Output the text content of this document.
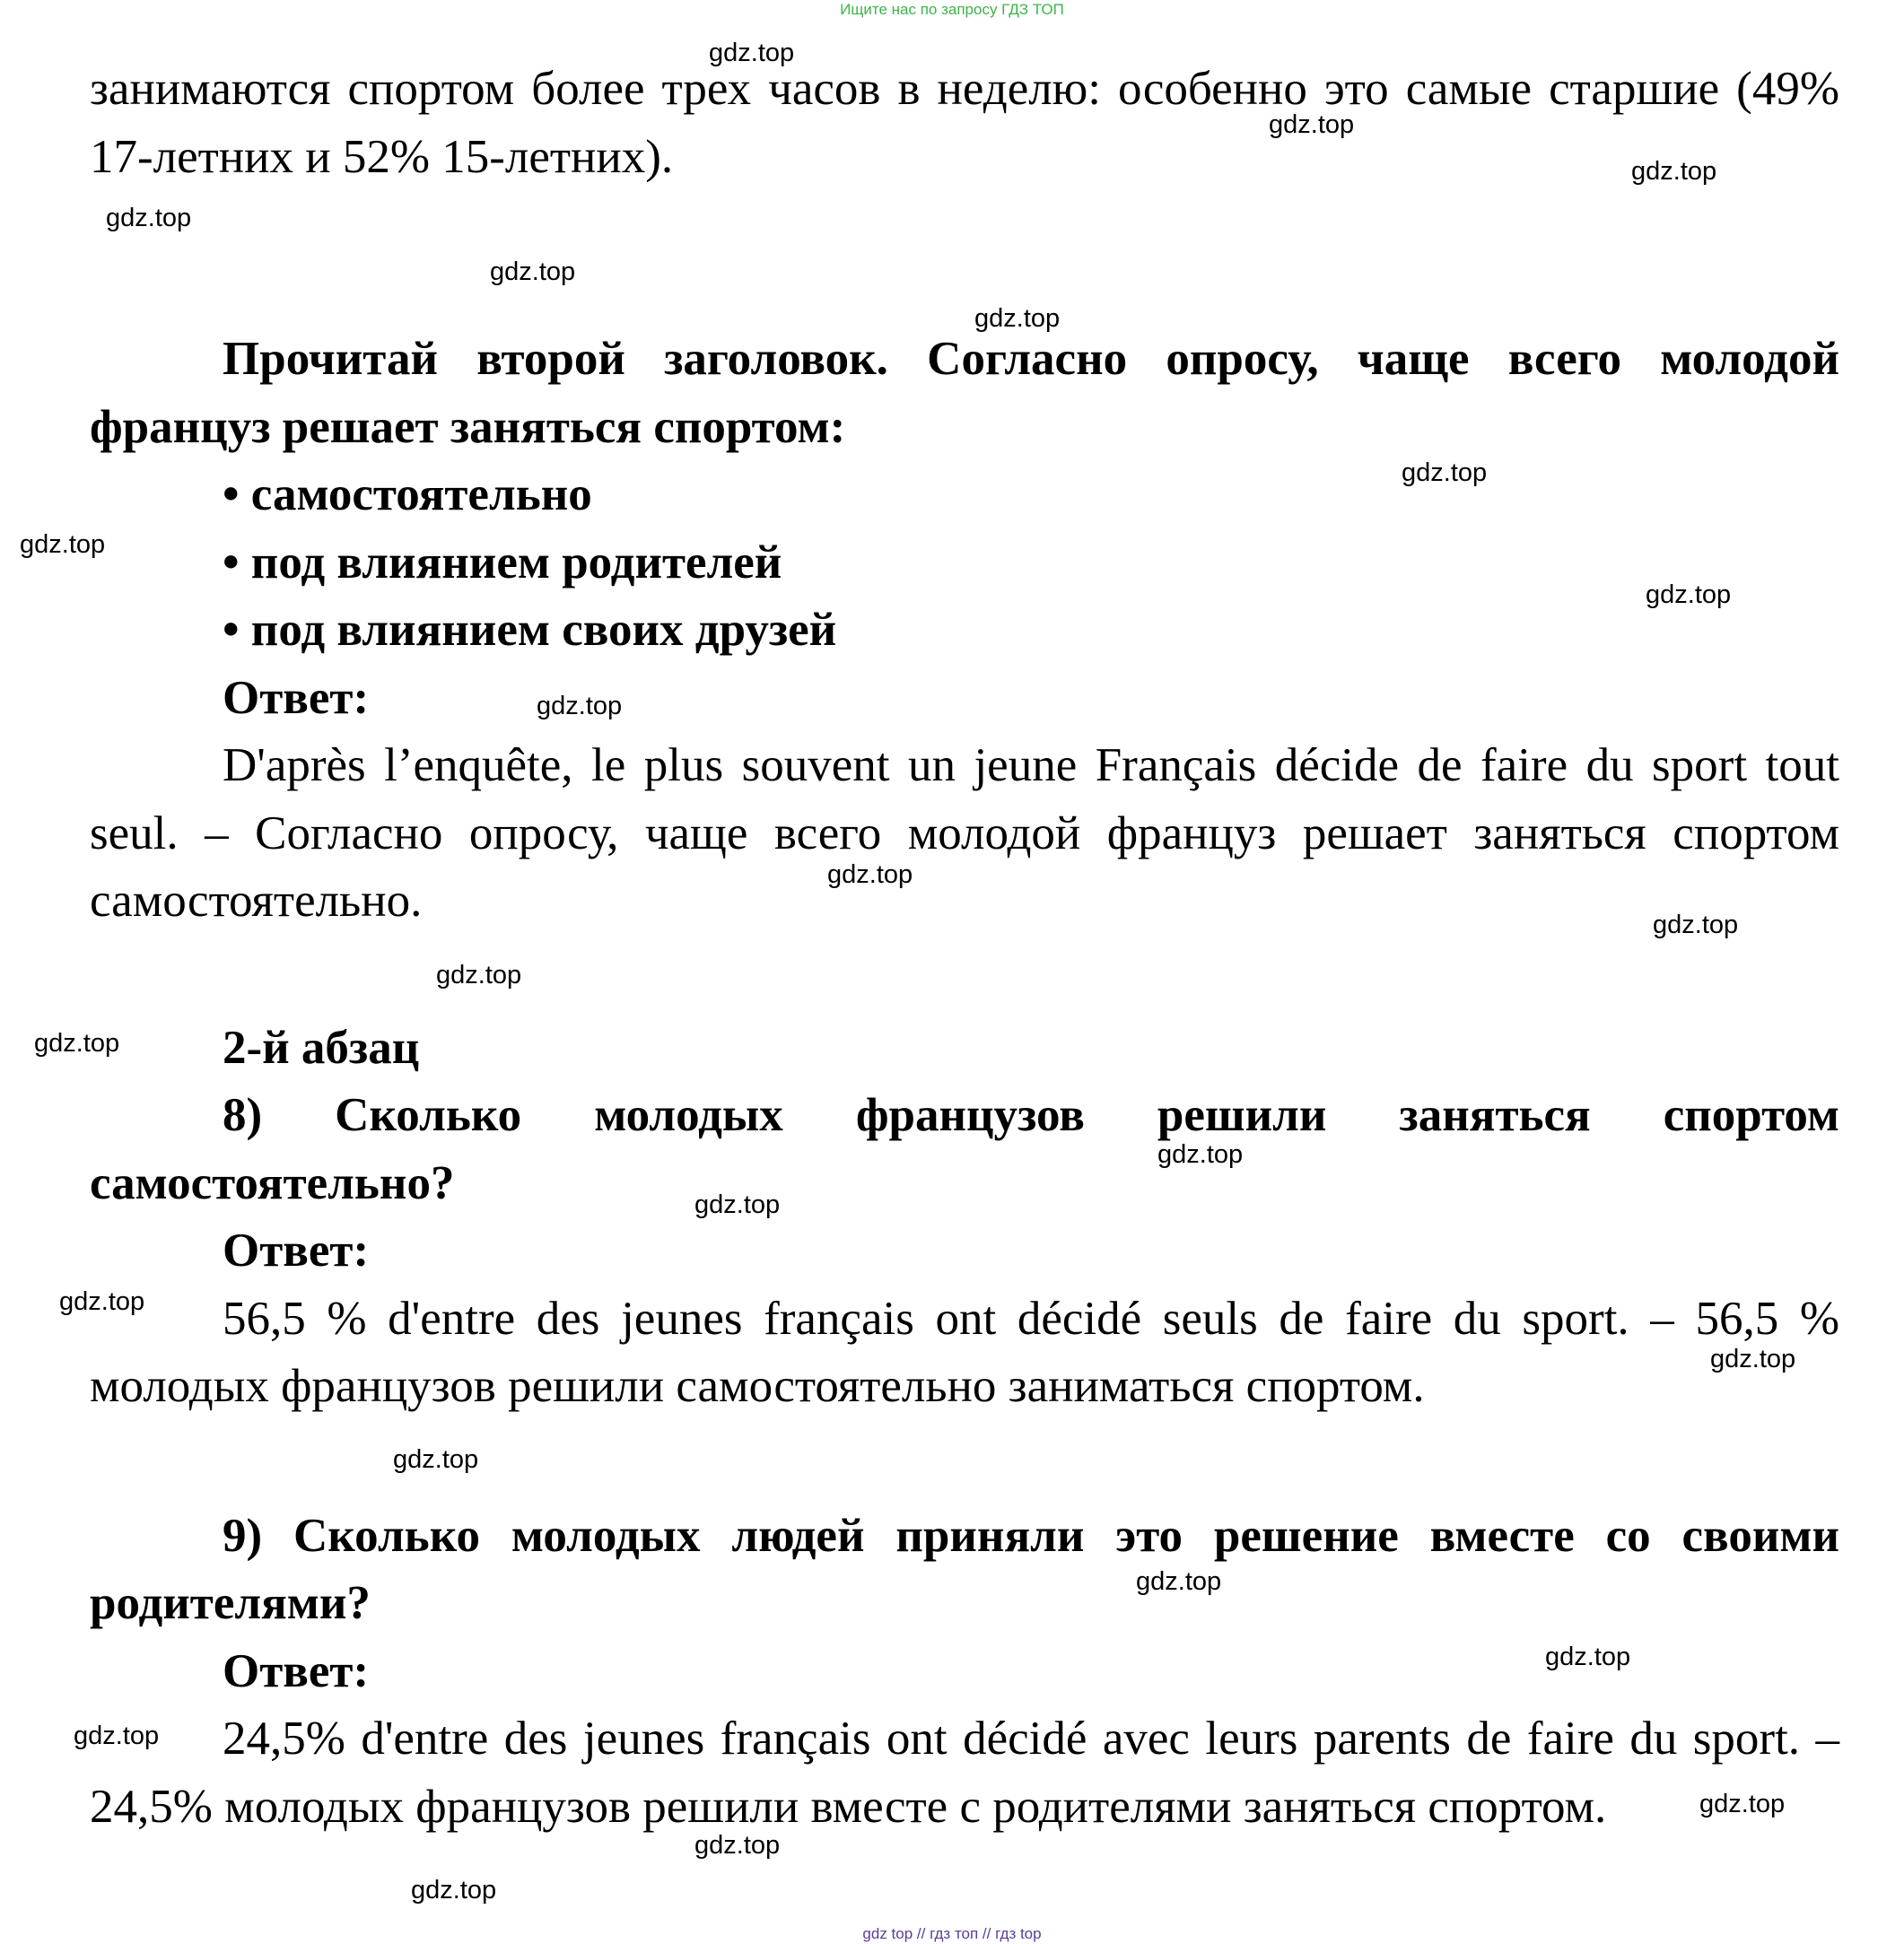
Ищите нас по запросу ГДЗ ТОП

занимаются спортом более трех часов в неделю: особенно это самые старшие (49% 17-летних и 52% 15-летних).

Прочитай второй заголовок. Согласно опросу, чаще всего молодой француз решает заняться спортом:

• самостоятельно
• под влиянием родителей
• под влиянием своих друзей

Ответ:

D'après l’enquête, le plus souvent un jeune Français décide de faire du sport tout seul. – Согласно опросу, чаще всего молодой француз решает заняться спортом самостоятельно.

2-й абзац

8) Сколько молодых французов решили заняться спортом самостоятельно?

Ответ:

56,5 % d'entre des jeunes français ont décidé seuls de faire du sport. – 56,5 % молодых французов решили самостоятельно заниматься спортом.

9) Сколько молодых людей приняли это решение вместе со своими родителями?

Ответ:

24,5% d'entre des jeunes français ont décidé avec leurs parents de faire du sport. – 24,5% молодых французов решили вместе с родителями заняться спортом.

gdz.top
gdz.top
gdz.top
gdz.top
gdz.top
gdz.top
gdz.top
gdz.top
gdz.top
gdz.top
gdz.top
gdz.top
gdz.top
gdz.top
gdz.top
gdz.top
gdz.top
gdz.top
gdz.top
gdz.top
gdz.top
gdz.top
gdz.top
gdz.top
gdz.top
gdz top // гдз топ // гдз top
